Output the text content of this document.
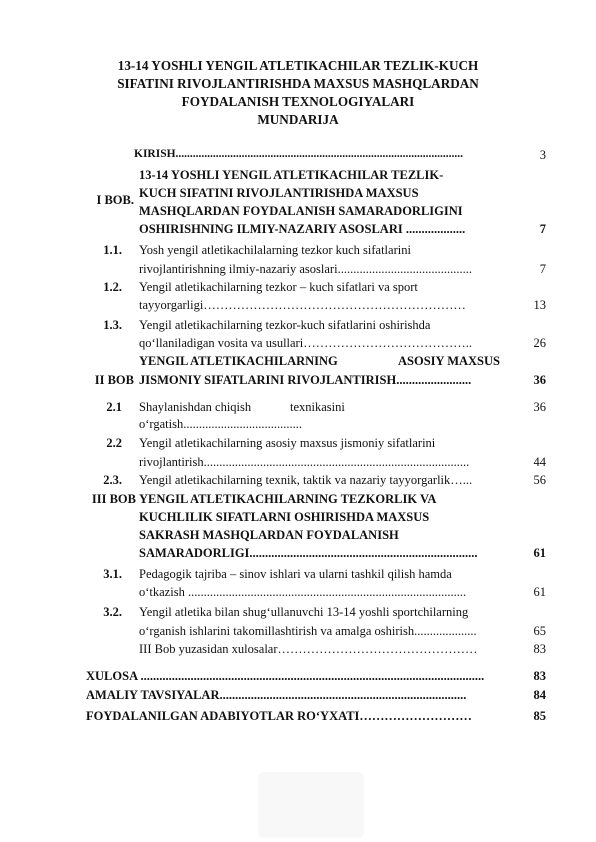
13-14 YOSHLI YENGIL ATLETIKACHILAR TEZLIK-KUCH
SIFATINI RIVOJLANTIRISHDA MAXSUS MASHQLARDAN
FOYDALANISH TEXNOLOGIYALARI
MUNDARIJA
KIRISH....................................................................................................	3
I BOB.
13-14 YOSHLI YENGIL ATLETIKACHILAR TEZLIK-
KUCH SIFATINI RIVOJLANTIRISHDA MAXSUS
MASHQLARDAN FOYDALANISH SAMARADORLIGINI
OSHIRISHNING ILMIY-NAZARIY ASOSLARI ...................	7
1.1. Yosh yengil atletikachilalarning tezkor kuch sifatlarini
rivojlantirishning ilmiy-nazariy asoslari...........................................	7
1.2. Yengil atletikachilarning tezkor – kuch sifatlari va sport
tayyorgarligi………………………………………………………	13
1.3. Yengil atletikachilarning tezkor-kuch sifatlarini oshirishda
qo‘llaniladigan vosita va usullari…………………………………..	26
YENGIL ATLETIKACHILARNING	ASOSIY MAXSUS
II BOB JISMONIY SIFATLARINI RIVOJLANTIRISH........................	36
2.1 Shaylanishdan chiqish	texnikasini	36
o‘rgatish......................................
2.2 Yengil atletikachilarning asosiy maxsus jismoniy sifatlarini
rivojlantirish.....................................................................................	44
2.3. Yengil atletikachilarning texnik, taktik va nazariy tayyorgarlik…...	56
III BOB YENGIL ATLETIKACHILARNING TEZKORLIK VA
KUCHLILIK SIFATLARNI OSHIRISHDA MAXSUS
SAKRASH MASHQLARDAN FOYDALANISH
SAMARADORLIGI.........................................................................	61
3.1. Pedagogik tajriba – sinov ishlari va ularni tashkil qilish hamda
o‘tkazish .........................................................................................	61
3.2. Yengil atletika bilan shug‘ullanuvchi 13-14 yoshli sportchilarning
o‘rganish ishlarini takomillashtirish va amalga oshirish....................	65
III Bob yuzasidan xulosalar…………………………………………	83
XULOSA ..............................................................................................................	83
AMALIY TAVSIYALAR...............................................................................	84
FOYDALANILGAN ADABIYOTLAR RO‘YXATI………………………	85
